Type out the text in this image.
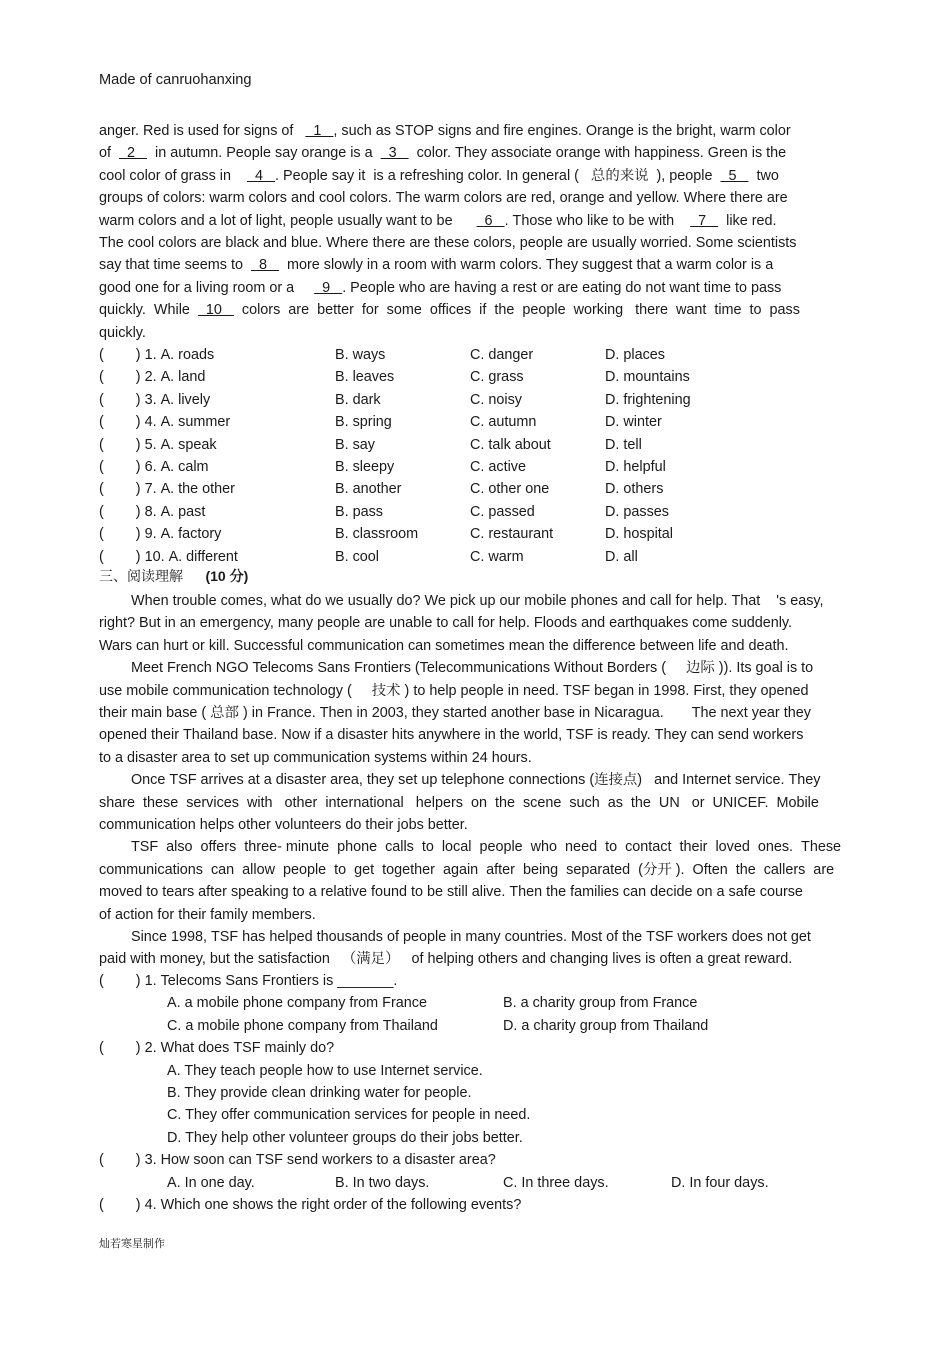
Made of canruohanxing
anger. Red is used for signs of     1   , such as STOP signs and fire engines. Orange is the bright, warm color
of    2     in autumn. People say orange is a    3     color. They associate orange with happiness. Green is the
cool color of grass in      4   . People say it  is a refreshing color. In general (   总的来说  ), people    5     two
groups of colors: warm colors and cool colors. The warm colors are red, orange and yellow. Where there are
warm colors and a lot of light, people usually want to be        6   . Those who like to be with      7     like red.
The cool colors are black and blue. Where there are these colors, people are usually worried. Some scientists
say that time seems to    8     more slowly in a room with warm colors. They suggest that a warm color is a
good one for a living room or a       9   . People who are having a rest or are eating do not want time to pass
quickly.  While    10     colors  are  better  for  some  offices  if  the  people  working   there  want  time  to  pass
quickly.
(        ) 1. A. roads	B. ways	C. danger	D. places
(        ) 2. A. land	B. leaves	C. grass	D. mountains
(        ) 3. A. lively	B. dark	C. noisy	D. frightening
(        ) 4. A. summer	B. spring	C. autumn	D. winter
(        ) 5. A. speak	B. say	C. talk about	D. tell
(        ) 6. A. calm	B. sleepy	C. active	D. helpful
(        ) 7. A. the other	B. another	C. other one	D. others
(        ) 8. A. past	B. pass	C. passed	D. passes
(        ) 9. A. factory	B. classroom	C. restaurant	D. hospital
(        ) 10. A. different	B. cool	C. warm	D. all
三、阅读理解 (10 分)
When trouble comes, what do we usually do? We pick up our mobile phones and call for help. That    's easy,
right? But in an emergency, many people are unable to call for help. Floods and earthquakes come suddenly.
Wars can hurt or kill. Successful communication can sometimes mean the difference between life and death.
Meet French NGO Telecoms Sans Frontiers (Telecommunications Without Borders (     边际 )). Its goal is to
use mobile communication technology (     技术 ) to help people in need. TSF began in 1998. First, they opened
their main base ( 总部 ) in France. Then in 2003, they started another base in Nicaragua.       The next year they
opened their Thailand base. Now if a disaster hits anywhere in the world, TSF is ready. They can send workers
to a disaster area to set up communication systems within 24 hours.
Once TSF arrives at a disaster area, they set up telephone connections (连接点)   and Internet service. They
share  these  services  with   other  international   helpers  on  the  scene  such  as  the  UN   or  UNICEF.  Mobile
communication helps other volunteers do their jobs better.
TSF  also  offers  three- minute  phone  calls  to  local  people  who  need  to  contact  their  loved  ones.  These
communications  can  allow  people  to  get  together  again  after  being  separated  (分开 ).  Often  the  callers  are
moved to tears after speaking to a relative found to be still alive. Then the families can decide on a safe course
of action for their family members.
Since 1998, TSF has helped thousands of people in many countries. Most of the TSF workers does not get
paid with money, but the satisfaction   （满足）   of helping others and changing lives is often a great reward.
(        ) 1. Telecoms Sans Frontiers is _______.
A. a mobile phone company from France	B. a charity group from France
C. a mobile phone company from Thailand	D. a charity group from Thailand
(        ) 2. What does TSF mainly do?
A. They teach people how to use Internet service.
B. They provide clean drinking water for people.
C. They offer communication services for people in need.
D. They help other volunteer groups do their jobs better.
(        ) 3. How soon can TSF send workers to a disaster area?
A. In one day.	B. In two days.	C. In three days.	D. In four days.
(        ) 4. Which one shows the right order of the following events?
灿若寒星制作
